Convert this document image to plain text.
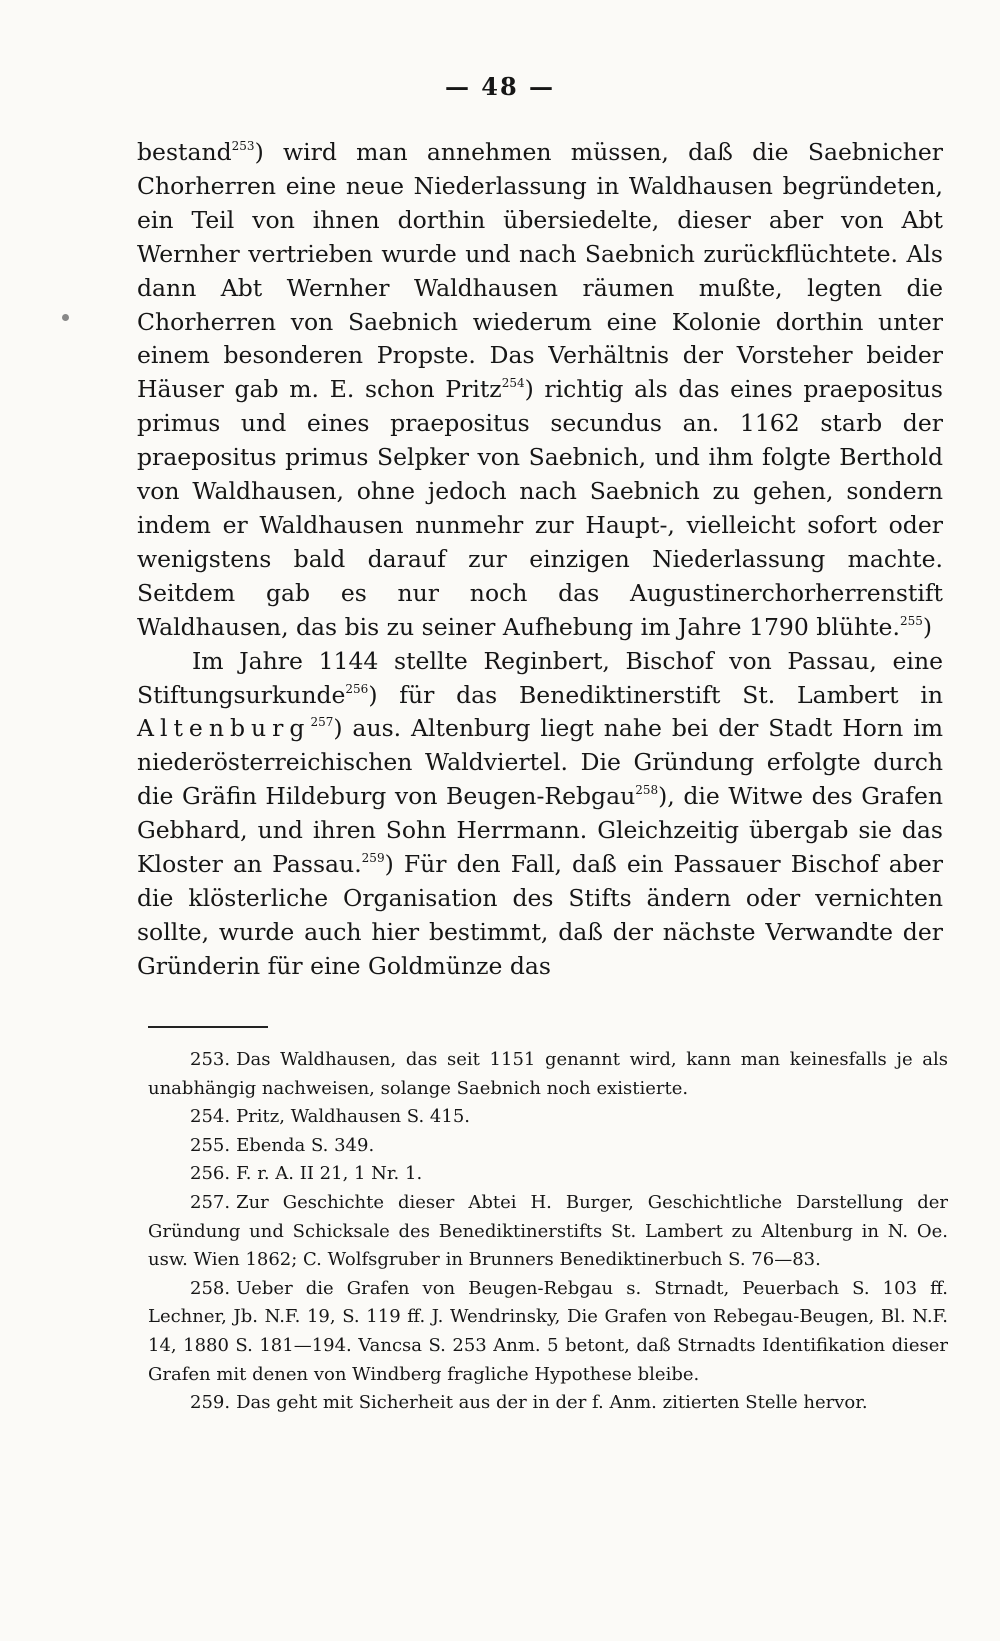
— 48 —

bestand$^{253}$) wird man annehmen müssen, daß die Saebnicher Chorherren eine neue Niederlassung in Waldhausen begründeten, ein Teil von ihnen dorthin übersiedelte, dieser aber von Abt Wernher vertrieben wurde und nach Saebnich zurückflüchtete. Als dann Abt Wernher Waldhausen räumen mußte, legten die Chorherren von Saebnich wiederum eine Kolonie dorthin unter einem besonderen Propste. Das Verhältnis der Vorsteher beider Häuser gab m. E. schon Pritz$^{254}$) richtig als das eines praepositus primus und eines praepositus secundus an. 1162 starb der praepositus primus Selpker von Saebnich, und ihm folgte Berthold von Waldhausen, ohne jedoch nach Saebnich zu gehen, sondern indem er Waldhausen nunmehr zur Haupt-, vielleicht sofort oder wenigstens bald darauf zur einzigen Niederlassung machte. Seitdem gab es nur noch das Augustinerchorherrenstift Waldhausen, das bis zu seiner Aufhebung im Jahre 1790 blühte.$^{255}$)

Im Jahre 1144 stellte Reginbert, Bischof von Passau, eine Stiftungsurkunde$^{256}$) für das Benediktinerstift St. Lambert in Altenburg$^{257}$) aus. Altenburg liegt nahe bei der Stadt Horn im niederösterreichischen Waldviertel. Die Gründung erfolgte durch die Gräfin Hildeburg von Beugen-Rebgau$^{258}$), die Witwe des Grafen Gebhard, und ihren Sohn Herrmann. Gleichzeitig übergab sie das Kloster an Passau.$^{259}$) Für den Fall, daß ein Passauer Bischof aber die klösterliche Organisation des Stifts ändern oder vernichten sollte, wurde auch hier bestimmt, daß der nächste Verwandte der Gründerin für eine Goldmünze das

253. Das Waldhausen, das seit 1151 genannt wird, kann man keinesfalls je als unabhängig nachweisen, solange Saebnich noch existierte.

254. Pritz, Waldhausen S. 415.

255. Ebenda S. 349.

256. F. r. A. II 21, 1 Nr. 1.

257. Zur Geschichte dieser Abtei H. Burger, Geschichtliche Darstellung der Gründung und Schicksale des Benediktinerstifts St. Lambert zu Altenburg in N. Oe. usw. Wien 1862; C. Wolfsgruber in Brunners Benediktinerbuch S. 76—83.

258. Ueber die Grafen von Beugen-Rebgau s. Strnadt, Peuerbach S. 103 ff. Lechner, Jb. N.F. 19, S. 119 ff. J. Wendrinsky, Die Grafen von Rebegau-Beugen, Bl. N.F. 14, 1880 S. 181—194. Vancsa S. 253 Anm. 5 betont, daß Strnadts Identifikation dieser Grafen mit denen von Windberg fragliche Hypothese bleibe.

259. Das geht mit Sicherheit aus der in der f. Anm. zitierten Stelle hervor.
